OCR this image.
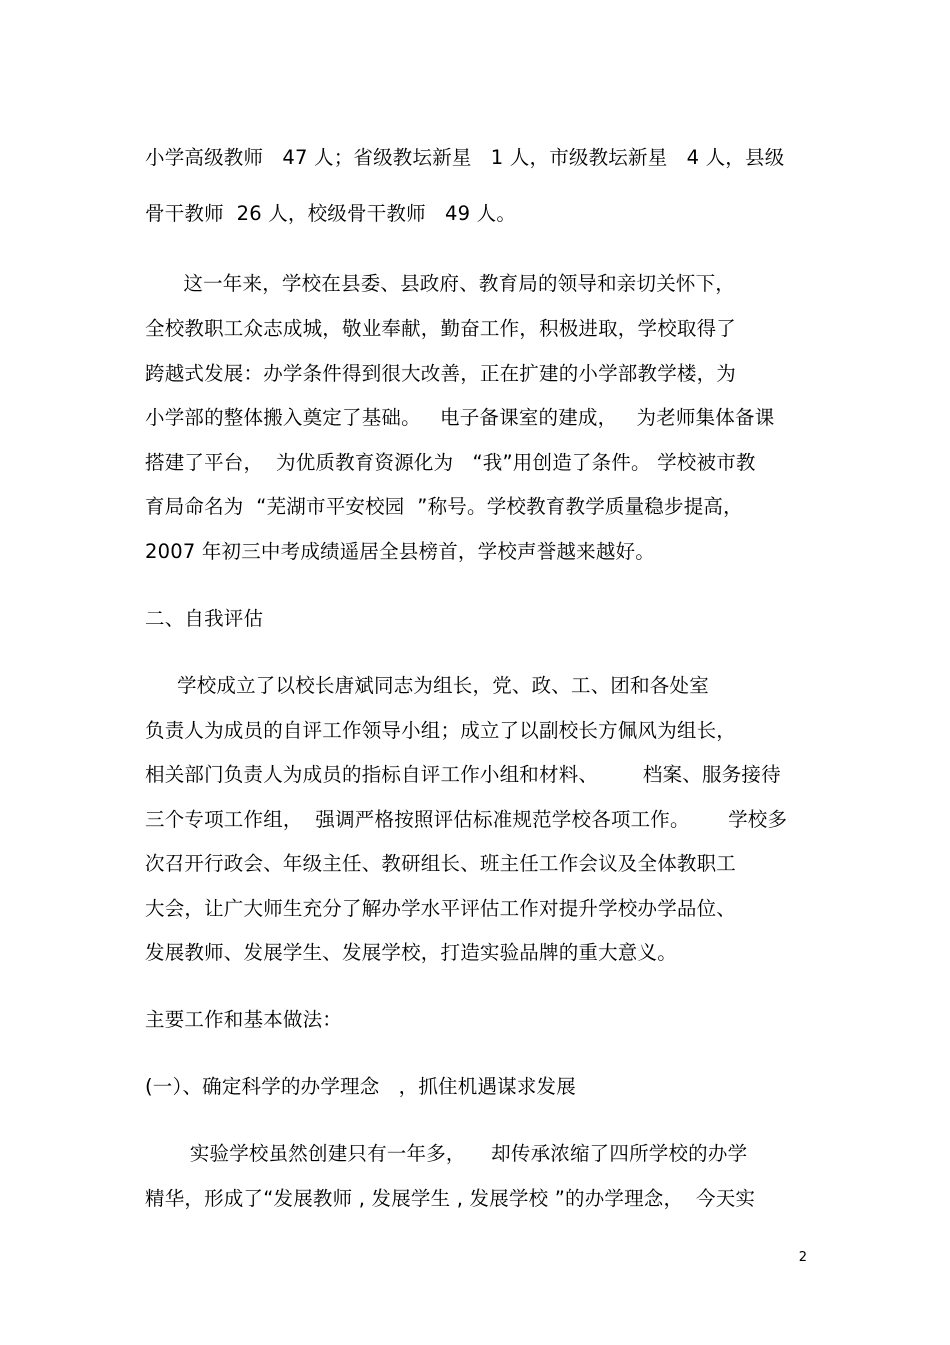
小学高级教师   47 人；省级教坛新星   1 人，市级教坛新星   4 人，县级
骨干教师  26 人，校级骨干教师   49 人。
这一年来，学校在县委、县政府、教育局的领导和亲切关怀下，
全校教职工众志成城，敬业奉献，勤奋工作，积极进取，学校取得了
跨越式发展：办学条件得到很大改善，正在扩建的小学部教学楼，为
小学部的整体搬入奠定了基础。   电子备课室的建成，   为老师集体备课
搭建了平台，  为优质教育资源化为   “我”用创造了条件。 学校被市教
育局命名为  “芜湖市平安校园  ”称号。学校教育教学质量稳步提高，
2007 年初三中考成绩遥居全县榜首，学校声誉越来越好。
二、自我评估
学校成立了以校长唐斌同志为组长，党、政、工、团和各处室
负责人为成员的自评工作领导小组；成立了以副校长方佩风为组长，
相关部门负责人为成员的指标自评工作小组和材料、       档案、服务接待
三个专项工作组，  强调严格按照评估标准规范学校各项工作。      学校多
次召开行政会、年级主任、教研组长、班主任工作会议及全体教职工
大会，让广大师生充分了解办学水平评估工作对提升学校办学品位、
发展教师、发展学生、发展学校，打造实验品牌的重大意义。
主要工作和基本做法：
(一）、确定科学的办学理念   ，抓住机遇谋求发展
实验学校虽然创建只有一年多，    却传承浓缩了四所学校的办学
精华，形成了“发展教师 , 发展学生 , 发展学校 ”的办学理念，  今天实
2
